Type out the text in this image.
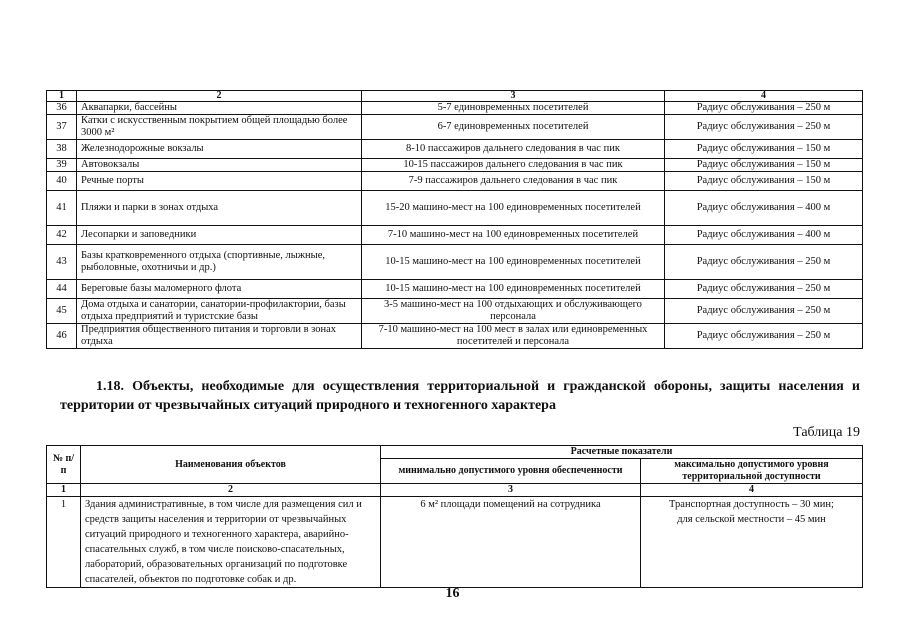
1	2	3	4
36	Аквапарки, бассейны	5-7 единовременных посетителей	Радиус обслуживания – 250 м
37	Катки с искусственным покрытием общей площадью более 3000 м²	6-7 единовременных посетителей	Радиус обслуживания – 250 м
38	Железнодорожные вокзалы	8-10 пассажиров дальнего следования в час пик	Радиус обслуживания – 150 м
39	Автовокзалы	10-15 пассажиров дальнего следования в час пик	Радиус обслуживания – 150 м
40	Речные порты	7-9 пассажиров дальнего следования в час пик	Радиус обслуживания – 150 м
41	Пляжи и парки в зонах отдыха	15-20 машино-мест на 100 единовременных посетителей	Радиус обслуживания – 400 м
42	Лесопарки и заповедники	7-10 машино-мест на 100 единовременных посетителей	Радиус обслуживания – 400 м
43	Базы кратковременного отдыха (спортивные, лыжные, рыболовные, охотничьи и др.)	10-15 машино-мест на 100 единовременных посетителей	Радиус обслуживания – 250 м
44	Береговые базы маломерного флота	10-15 машино-мест на 100 единовременных посетителей	Радиус обслуживания – 250 м
45	Дома отдыха и санатории, санатории-профилактории, базы отдыха предприятий и туристские базы	3-5 машино-мест на 100 отдыхающих и обслуживающего персонала	Радиус обслуживания – 250 м
46	Предприятия общественного питания и торговли в зонах отдыха	7-10 машино-мест на 100 мест в залах или единовременных посетителей и персонала	Радиус обслуживания – 250 м
1.18. Объекты, необходимые для осуществления территориальной и гражданской обороны, защиты населения и территории от чрезвычайных ситуаций природного и техногенного характера
Таблица 19
№ п/п	Наименования объектов	Расчетные показатели	
		минимально допустимого уровня обеспеченности	максимально допустимого уровня территориальной доступности
1	2	3	4
1	Здания административные, в том числе для размещения сил и средств защиты населения и территории от чрезвычайных ситуаций природного и техногенного характера, аварийно-спасательных служб, в том числе поисково-спасательных, лабораторий, образовательных организаций по подготовке спасателей, объектов по подготовке собак и др.	6 м² площади помещений на сотрудника	Транспортная доступность – 30 мин;
для сельской местности – 45 мин
16
